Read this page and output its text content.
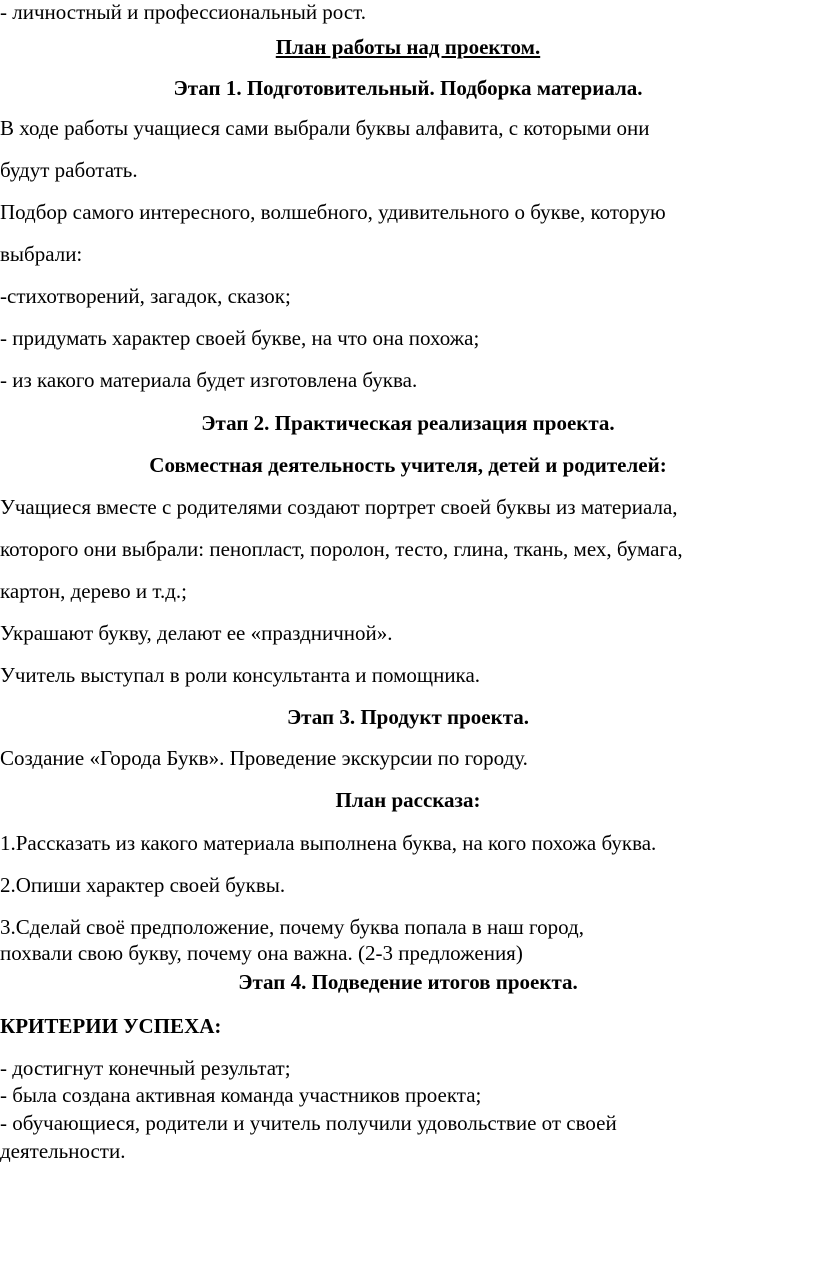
- личностный и профессиональный рост.
План работы над проектом.
Этап 1. Подготовительный. Подборка материала.
В ходе работы учащиеся сами выбрали буквы алфавита, с которыми они
будут работать.
Подбор самого интересного, волшебного, удивительного о букве, которую
выбрали:
-стихотворений, загадок, сказок;
- придумать характер своей букве, на что она похожа;
- из какого материала будет изготовлена буква.
Этап 2. Практическая реализация проекта.
Совместная деятельность учителя, детей и родителей:
Учащиеся вместе с родителями создают портрет своей буквы из материала,
которого они выбрали: пенопласт, поролон, тесто, глина, ткань, мех, бумага,
картон, дерево и т.д.;
Украшают букву, делают ее «праздничной».
Учитель выступал в роли консультанта и помощника.
Этап 3. Продукт проекта.
Создание «Города Букв». Проведение экскурсии по городу.
План рассказа:
1.Рассказать из какого материала выполнена буква, на кого похожа буква.
2.Опиши характер своей буквы.
3.Сделай своё предположение, почему буква попала в наш город,
похвали свою букву, почему она важна. (2-3 предложения)
Этап 4. Подведение итогов проекта.
КРИТЕРИИ УСПЕХА:
- достигнут конечный результат;
- была создана активная команда участников проекта;
- обучающиеся, родители и учитель получили удовольствие от своей
деятельности.
